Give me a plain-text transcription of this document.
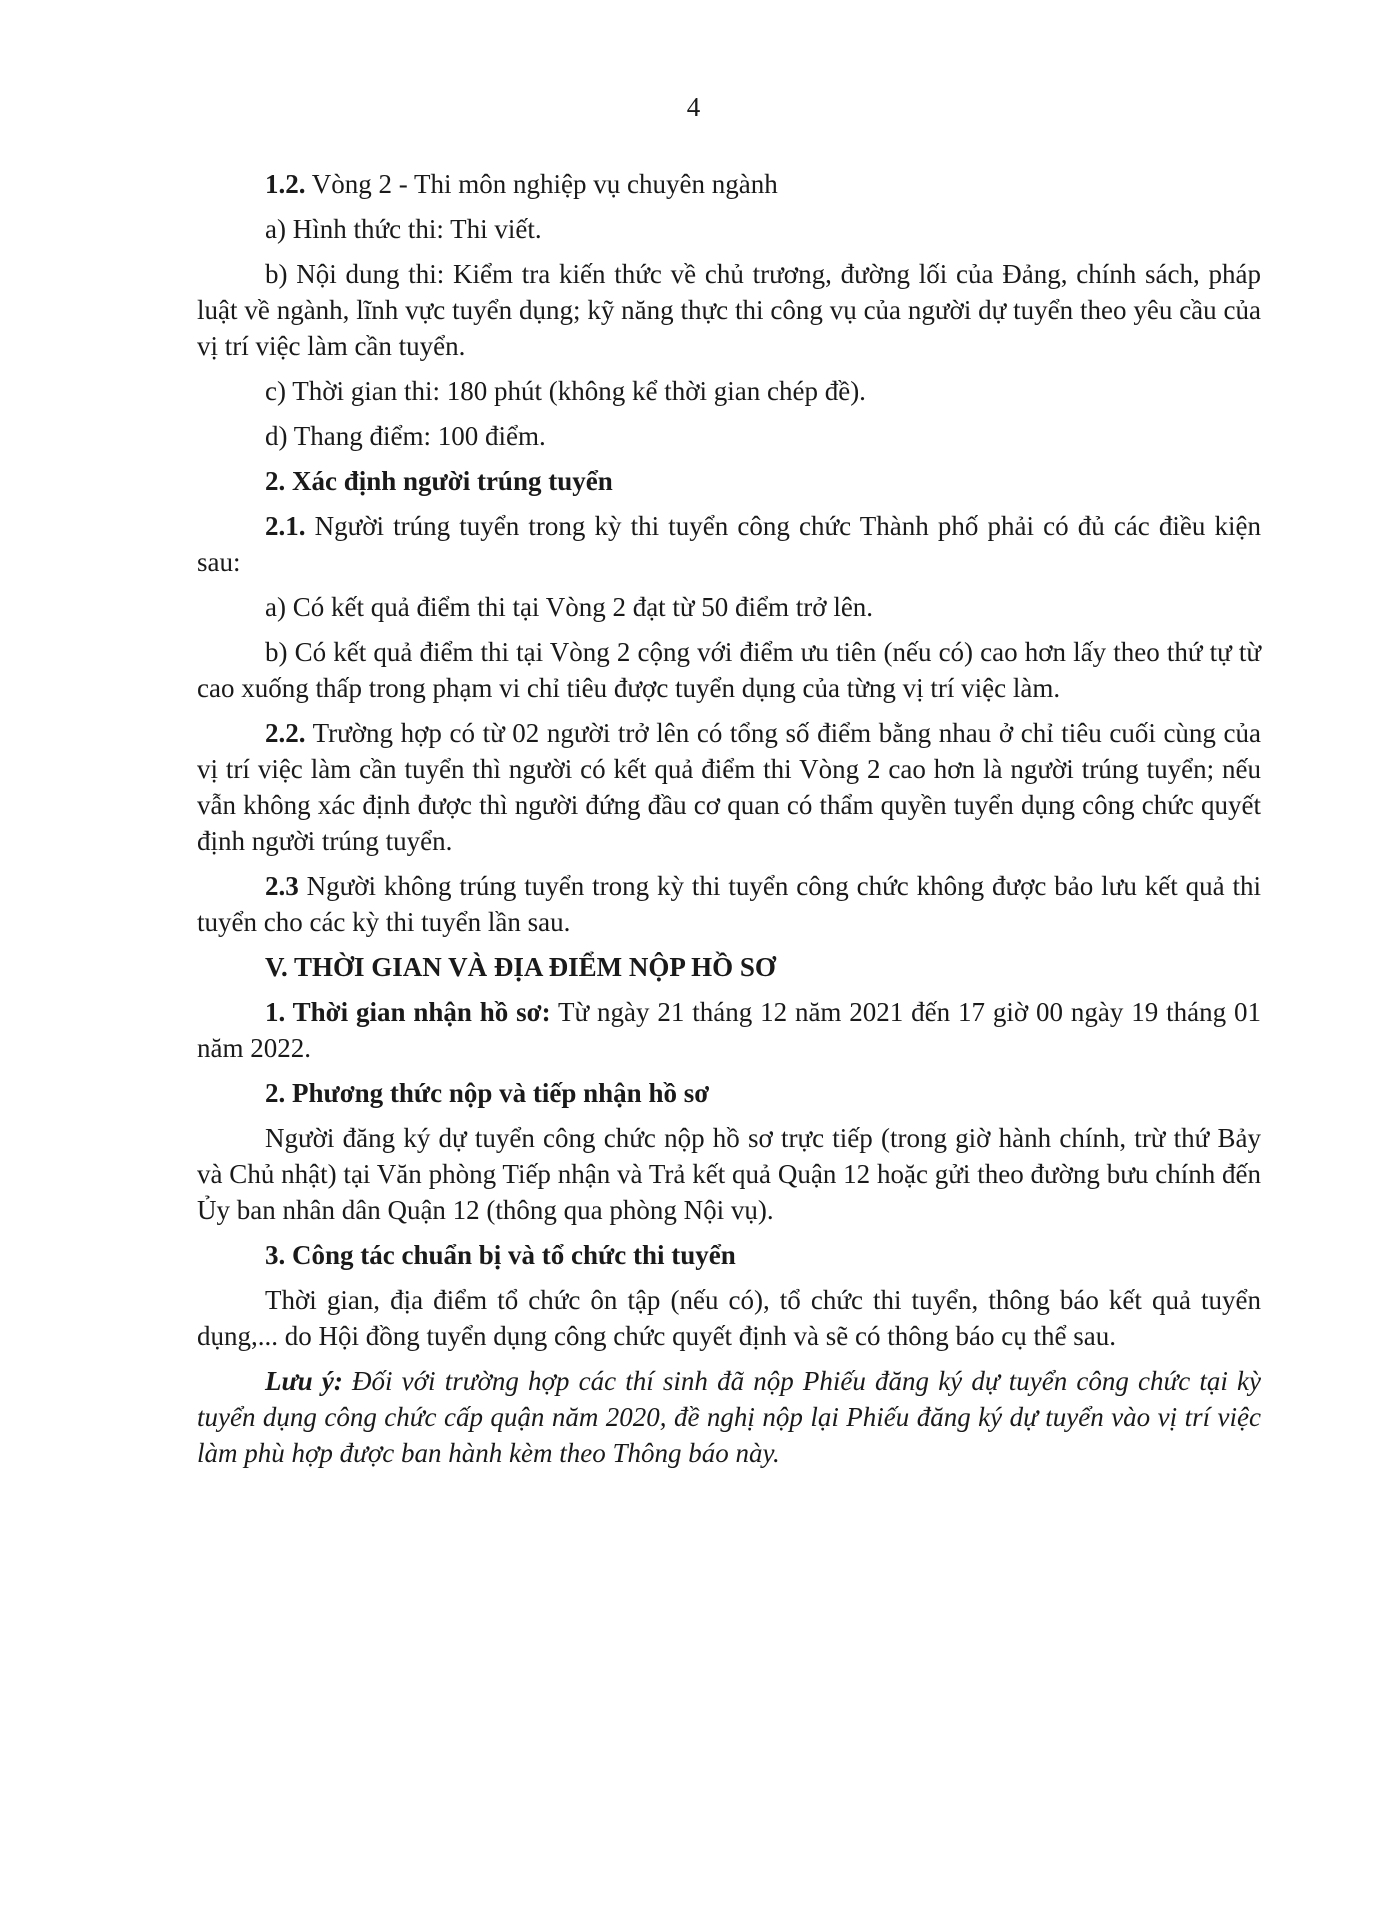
4

1.2. Vòng 2 - Thi môn nghiệp vụ chuyên ngành

a) Hình thức thi: Thi viết.

b) Nội dung thi: Kiểm tra kiến thức về chủ trương, đường lối của Đảng, chính sách, pháp luật về ngành, lĩnh vực tuyển dụng; kỹ năng thực thi công vụ của người dự tuyển theo yêu cầu của vị trí việc làm cần tuyển.

c) Thời gian thi: 180 phút (không kể thời gian chép đề).

d) Thang điểm: 100 điểm.

2. Xác định người trúng tuyển

2.1. Người trúng tuyển trong kỳ thi tuyển công chức Thành phố phải có đủ các điều kiện sau:

a) Có kết quả điểm thi tại Vòng 2 đạt từ 50 điểm trở lên.

b) Có kết quả điểm thi tại Vòng 2 cộng với điểm ưu tiên (nếu có) cao hơn lấy theo thứ tự từ cao xuống thấp trong phạm vi chỉ tiêu được tuyển dụng của từng vị trí việc làm.

2.2. Trường hợp có từ 02 người trở lên có tổng số điểm bằng nhau ở chỉ tiêu cuối cùng của vị trí việc làm cần tuyển thì người có kết quả điểm thi Vòng 2 cao hơn là người trúng tuyển; nếu vẫn không xác định được thì người đứng đầu cơ quan có thẩm quyền tuyển dụng công chức quyết định người trúng tuyển.

2.3 Người không trúng tuyển trong kỳ thi tuyển công chức không được bảo lưu kết quả thi tuyển cho các kỳ thi tuyển lần sau.

V. THỜI GIAN VÀ ĐỊA ĐIỂM NỘP HỒ SƠ

1. Thời gian nhận hồ sơ: Từ ngày 21 tháng 12 năm 2021 đến 17 giờ 00 ngày 19 tháng 01 năm 2022.

2. Phương thức nộp và tiếp nhận hồ sơ

Người đăng ký dự tuyển công chức nộp hồ sơ trực tiếp (trong giờ hành chính, trừ thứ Bảy và Chủ nhật) tại Văn phòng Tiếp nhận và Trả kết quả Quận 12 hoặc gửi theo đường bưu chính đến Ủy ban nhân dân Quận 12 (thông qua phòng Nội vụ).

3. Công tác chuẩn bị và tổ chức thi tuyển

Thời gian, địa điểm tổ chức ôn tập (nếu có), tổ chức thi tuyển, thông báo kết quả tuyển dụng,... do Hội đồng tuyển dụng công chức quyết định và sẽ có thông báo cụ thể sau.

Lưu ý: Đối với trường hợp các thí sinh đã nộp Phiếu đăng ký dự tuyển công chức tại kỳ tuyển dụng công chức cấp quận năm 2020, đề nghị nộp lại Phiếu đăng ký dự tuyển vào vị trí việc làm phù hợp được ban hành kèm theo Thông báo này.
